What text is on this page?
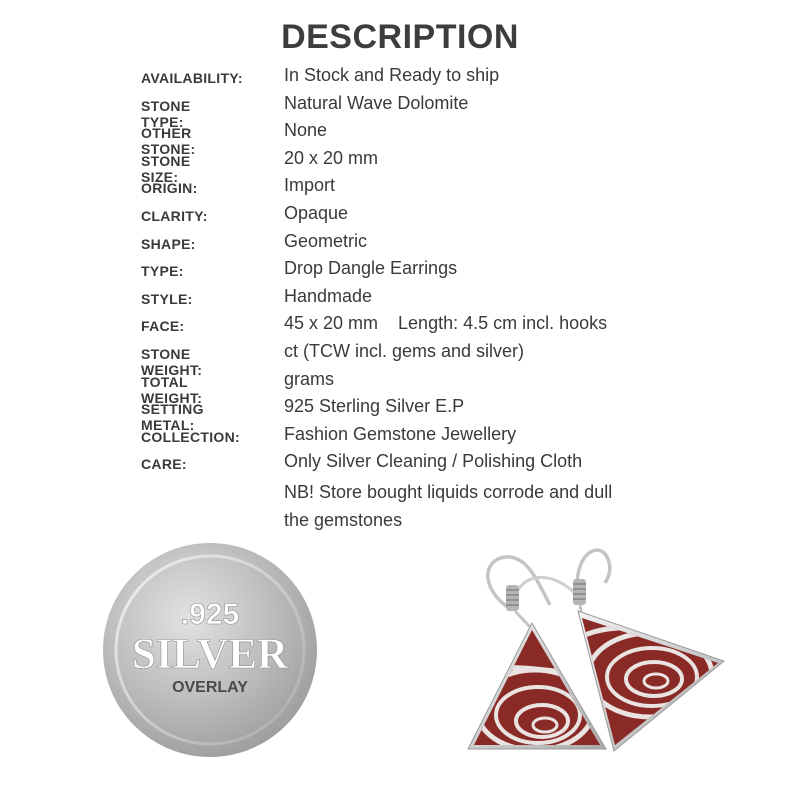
DESCRIPTION
AVAILABILITY: In Stock and Ready to ship
STONE TYPE:
Natural Wave Dolomite
OTHER STONE:
None
STONE SIZE:
20 x 20 mm
ORIGIN:	Import
CLARITY:	Opaque
SHAPE:	Geometric
TYPE:	Drop Dangle Earrings
STYLE:	Handmade
FACE:	45 x 20 mm    Length: 4.5 cm incl. hooks
STONE WEIGHT:
ct (TCW incl. gems and silver)
TOTAL WEIGHT:
grams
SETTING METAL:
925 Sterling Silver E.P
COLLECTION: Fashion Gemstone Jewellery
CARE:	Only Silver Cleaning / Polishing Cloth
NB! Store bought liquids corrode and dull
the gemstones
.925
SILVER
OVERLAY
